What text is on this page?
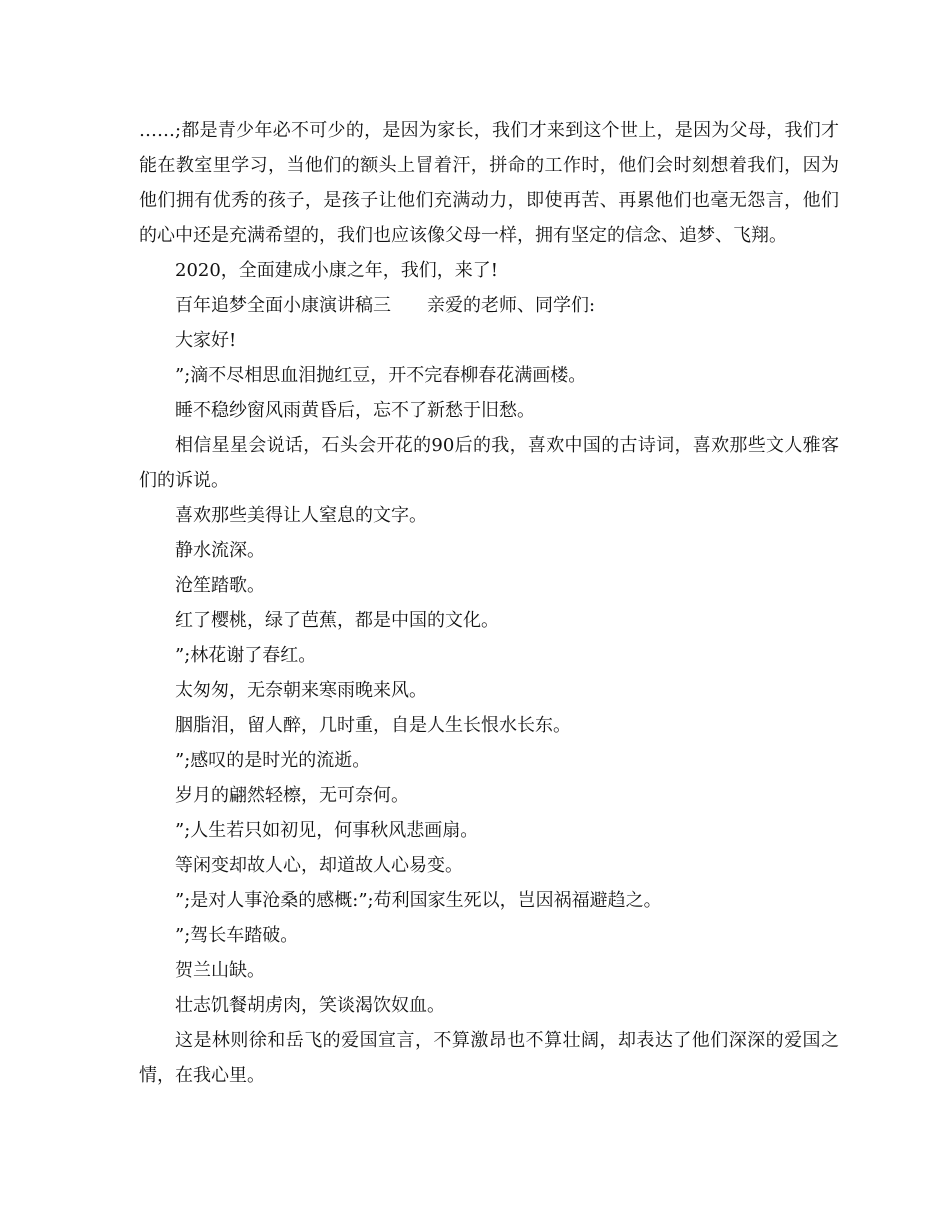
……;都是青少年必不可少的，是因为家长，我们才来到这个世上，是因为父母，我们才能在教室里学习，当他们的额头上冒着汗，拼命的工作时，他们会时刻想着我们，因为他们拥有优秀的孩子，是孩子让他们充满动力，即使再苦、再累他们也毫无怨言，他们的心中还是充满希望的，我们也应该像父母一样，拥有坚定的信念、追梦、飞翔。

2020，全面建成小康之年，我们，来了!

百年追梦全面小康演讲稿三　　亲爱的老师、同学们:

大家好!

”;滴不尽相思血泪抛红豆，开不完春柳春花满画楼。

睡不稳纱窗风雨黄昏后，忘不了新愁于旧愁。

相信星星会说话，石头会开花的90后的我，喜欢中国的古诗词，喜欢那些文人雅客们的诉说。

喜欢那些美得让人窒息的文字。

静水流深。

沧笙踏歌。

红了樱桃，绿了芭蕉，都是中国的文化。

”;林花谢了春红。

太匆匆，无奈朝来寒雨晚来风。

胭脂泪，留人醉，几时重，自是人生长恨水长东。

”;感叹的是时光的流逝。

岁月的翩然轻檫，无可奈何。

”;人生若只如初见，何事秋风悲画扇。

等闲变却故人心，却道故人心易变。

”;是对人事沧桑的感概:”;苟利国家生死以，岂因祸福避趋之。

”;驾长车踏破。

贺兰山缺。

壮志饥餐胡虏肉，笑谈渴饮奴血。

这是林则徐和岳飞的爱国宣言，不算激昂也不算壮阔，却表达了他们深深的爱国之情，在我心里。
